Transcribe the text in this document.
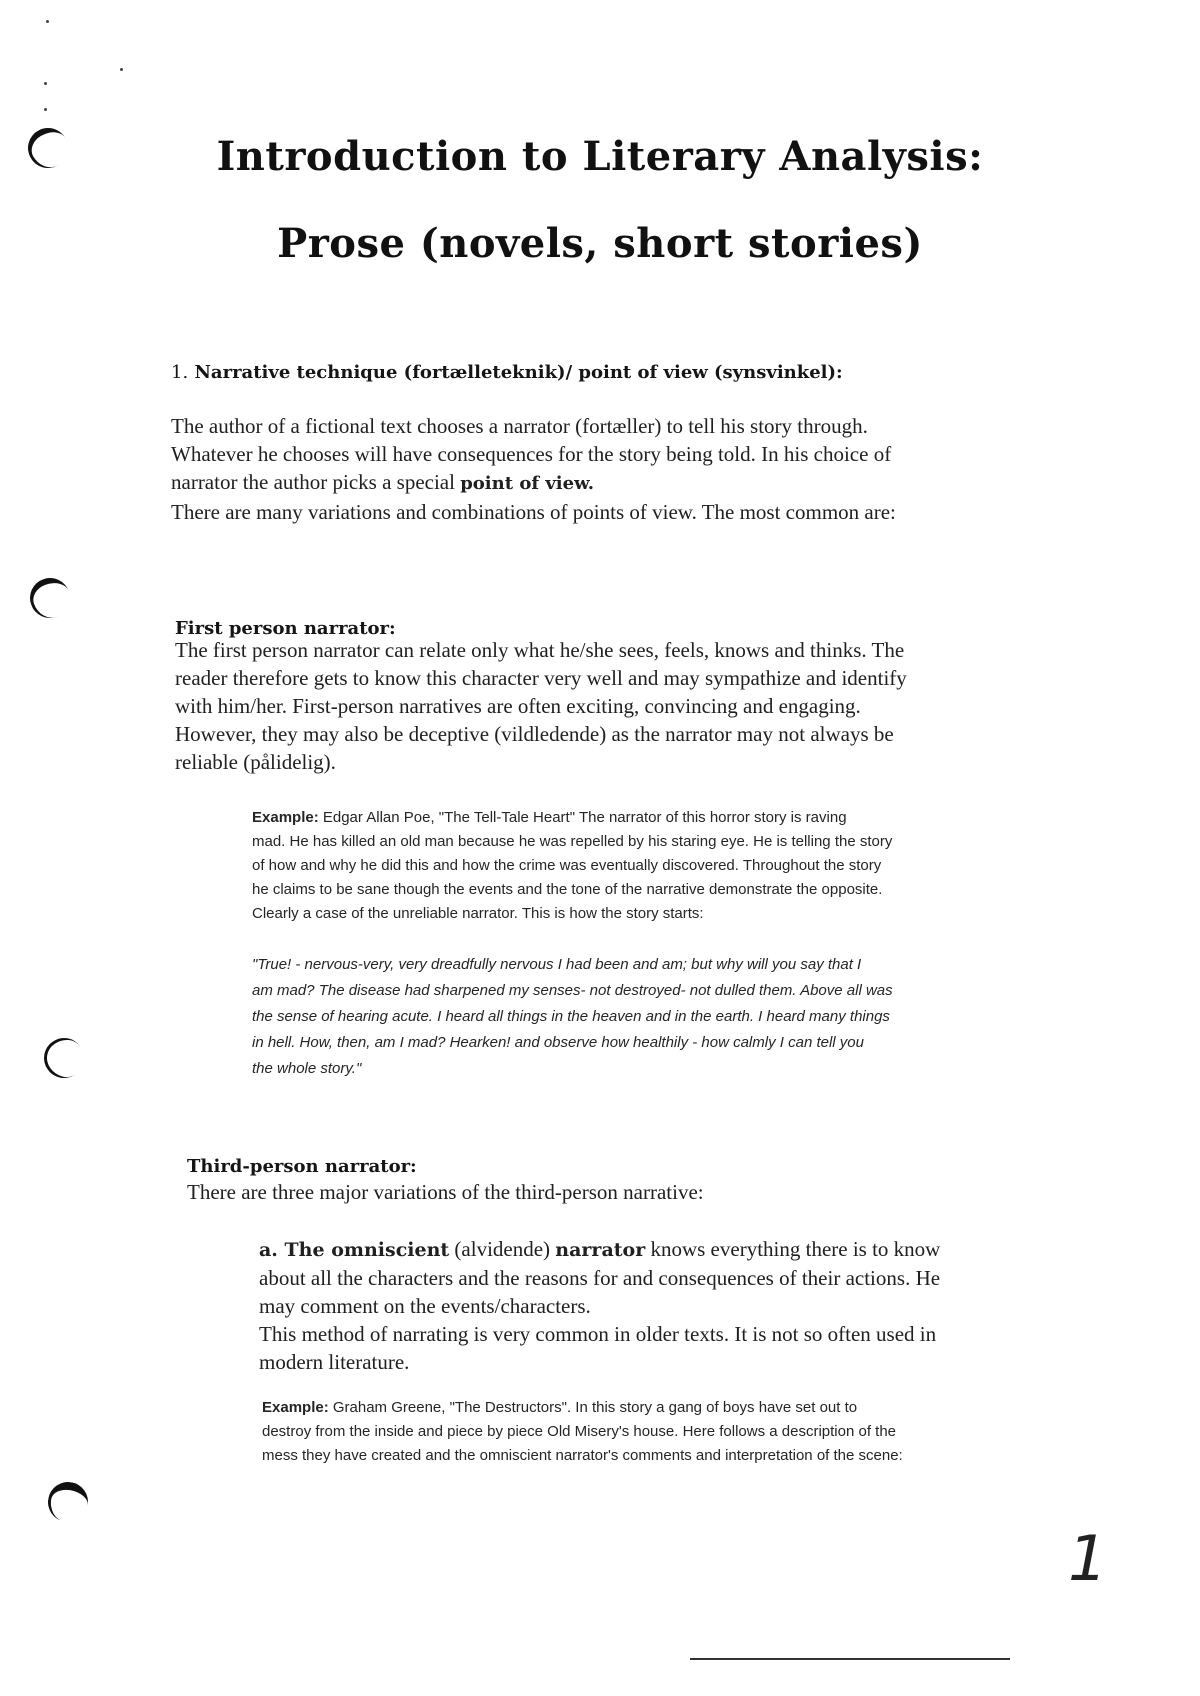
Introduction to Literary Analysis:
Prose (novels, short stories)
1. Narrative technique (fortælleteknik)/ point of view (synsvinkel):
The author of a fictional text chooses a narrator (fortæller) to tell his story through.
Whatever he chooses will have consequences for the story being told. In his choice of
narrator the author picks a special point of view.
There are many variations and combinations of points of view. The most common are:
First person narrator:
The first person narrator can relate only what he/she sees, feels, knows and thinks. The
reader therefore gets to know this character very well and may sympathize and identify
with him/her. First-person narratives are often exciting, convincing and engaging.
However, they may also be deceptive (vildledende) as the narrator may not always be
reliable (pålidelig).
Example: Edgar Allan Poe, "The Tell-Tale Heart" The narrator of this horror story is raving
mad. He has killed an old man because he was repelled by his staring eye. He is telling the story
of how and why he did this and how the crime was eventually discovered. Throughout the story
he claims to be sane though the events and the tone of the narrative demonstrate the opposite.
Clearly a case of the unreliable narrator. This is how the story starts:
"True! - nervous-very, very dreadfully nervous I had been and am; but why will you say that I
am mad? The disease had sharpened my senses- not destroyed- not dulled them. Above all was
the sense of hearing acute. I heard all things in the heaven and in the earth. I heard many things
in hell. How, then, am I mad? Hearken! and observe how healthily - how calmly I can tell you
the whole story."
Third-person narrator:
There are three major variations of the third-person narrative:
a. The omniscient (alvidende) narrator knows everything there is to know
about all the characters and the reasons for and consequences of their actions. He
may comment on the events/characters.
This method of narrating is very common in older texts. It is not so often used in
modern literature.
Example: Graham Greene, "The Destructors". In this story a gang of boys have set out to
destroy from the inside and piece by piece Old Misery's house. Here follows a description of the
mess they have created and the omniscient narrator's comments and interpretation of the scene:
1
